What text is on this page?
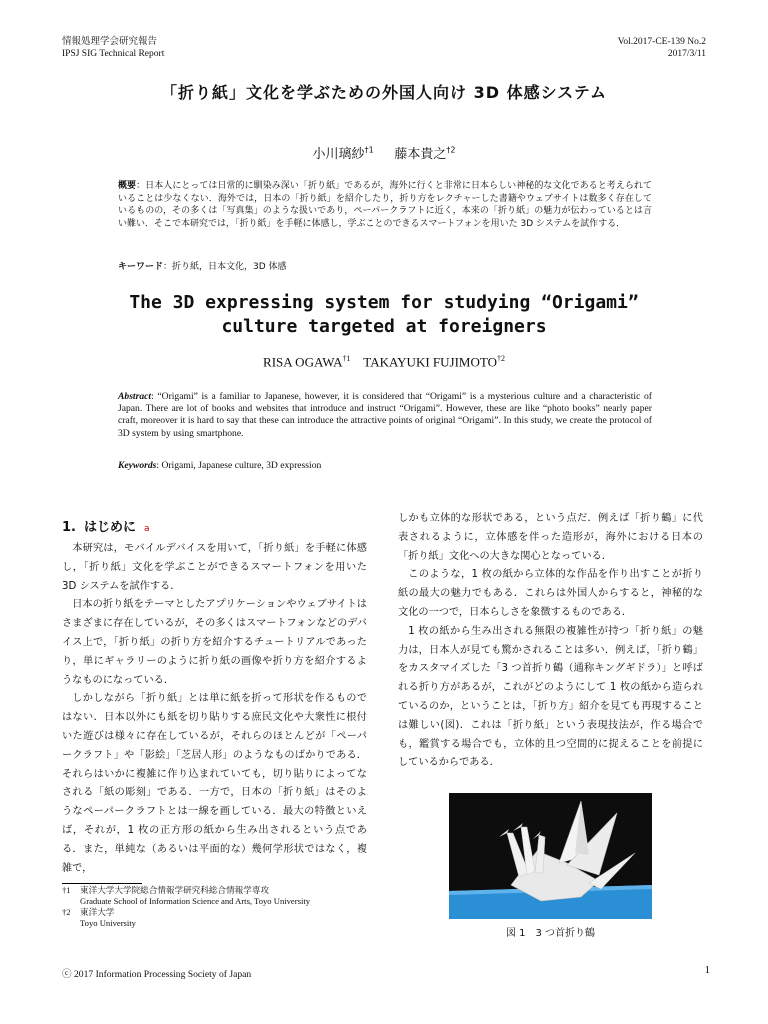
情報処理学会研究報告
IPSJ SIG Technical Report
Vol.2017-CE-139 No.2
2017/3/11
「折り紙」文化を学ぶための外国人向け 3D 体感システム
小川璃紗$^{\dagger 1}$ 藤本貴之$^{\dagger 2}$
概要：日本人にとっては日常的に馴染み深い「折り紙」であるが，海外に行くと非常に日本らしい神秘的な文化であると考えられていることは少なくない．海外では，日本の「折り紙」を紹介したり，折り方をレクチャーした書籍やウェブサイトは数多く存在しているものの，その多くは「写真集」のような扱いであり，ペーパークラフトに近く，本来の「折り紙」の魅力が伝わっているとは言い難い．そこで本研究では，「折り紙」を手軽に体感し，学ぶことのできるスマートフォンを用いた 3D システムを試作する．
キーワード：折り紙，日本文化，3D 体感
The 3D expressing system for studying “Origami”
culture targeted at foreigners
RISA OGAWA$^{\dagger 1}$ TAKAYUKI FUJIMOTO$^{\dagger 2}$
Abstract: “Origami” is a familiar to Japanese, however, it is considered that “Origami” is a mysterious culture and a characteristic of Japan. There are lot of books and websites that introduce and instruct “Origami”. However, these are like “photo books” nearly paper craft, moreover it is hard to say that these can introduce the attractive points of original “Origami”. In this study, we create the protocol of 3D system by using smartphone.
Keywords: Origami, Japanese culture, 3D expression
1. はじめに a

本研究は，モバイルデバイスを用いて，「折り紙」を手軽に体感し，「折り紙」文化を学ぶことができるスマートフォンを用いた 3D システムを試作する．

日本の折り紙をテーマとしたアプリケーションやウェブサイトはさまざまに存在しているが，その多くはスマートフォンなどのデバイス上で，「折り紙」の折り方を紹介するチュートリアルであったり，単にギャラリーのように折り紙の画像や折り方を紹介するようなものになっている．

しかしながら「折り紙」とは単に紙を折って形状を作るものではない．日本以外にも紙を切り貼りする庶民文化や大衆性に根付いた遊びは様々に存在しているが，それらのほとんどが「ペーパークラフト」や「影絵」「芝居人形」のようなものばかりである．それらはいかに複雑に作り込まれていても，切り貼りによってなされる「紙の彫刻」である．一方で，日本の「折り紙」はそのようなペーパークラフトとは一線を画している．最大の特徴といえば，それが，1 枚の正方形の紙から生み出されるという点である．また，単純な（あるいは平面的な）幾何学形状ではなく，複雑で，

しかも立体的な形状である，という点だ．例えば「折り鶴」に代表されるように，立体感を伴った造形が，海外における日本の「折り紙」文化への大きな関心となっている．

このような，1 枚の紙から立体的な作品を作り出すことが折り紙の最大の魅力でもある．これらは外国人からすると，神秘的な文化の一つで，日本らしさを象徴するものである．

1 枚の紙から生み出される無限の複雑性が持つ「折り紙」の魅力は，日本人が見ても驚かされることは多い．例えば，「折り鶴」をカスタマイズした「3 つ首折り鶴（通称キングギドラ）」と呼ばれる折り方があるが，これがどのようにして 1 枚の紙から造られているのか，ということは，「折り方」紹介を見ても再現することは難しい(図)．これは「折り紙」という表現技法が，作る場合でも，鑑賞する場合でも，立体的且つ空間的に捉えることを前提にしているからである．

図 1　3 つ首折り鶴
†1 東洋大学大学院総合情報学研究科総合情報学専攻
Graduate School of Information Science and Arts, Toyo University
†2 東洋大学
Toyo University
ⓒ 2017 Information Processing Society of Japan	1
